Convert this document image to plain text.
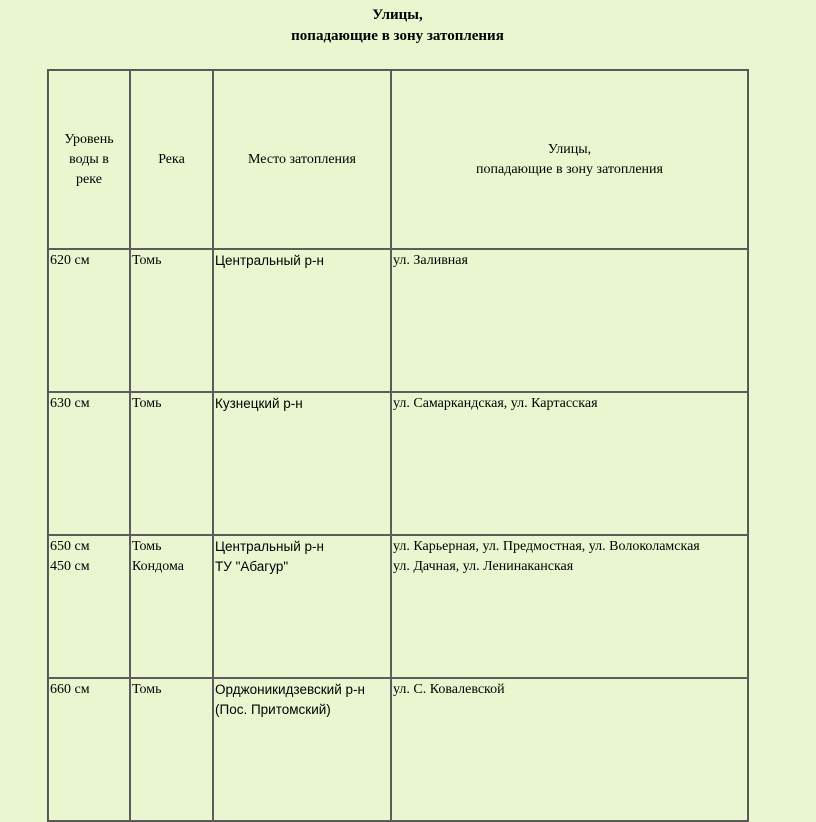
Улицы,
попадающие в зону затопления
Уровень
воды в
реке	Река	Место затопления	Улицы,
попадающие в зону затопления

620 см	Томь	Центральный р-н	ул. Заливная

630 см	Томь	Кузнецкий р-н	ул. Самаркандская, ул. Картасская

650 см
450 см	Томь
Кондома	Центральный р-н
ТУ "Абагур"	ул. Карьерная, ул. Предмостная, ул. Волоколамская
ул. Дачная, ул. Ленинаканская

660 см	Томь	Орджоникидзевский р-н
(Пос. Притомский)	ул. С. Ковалевской
